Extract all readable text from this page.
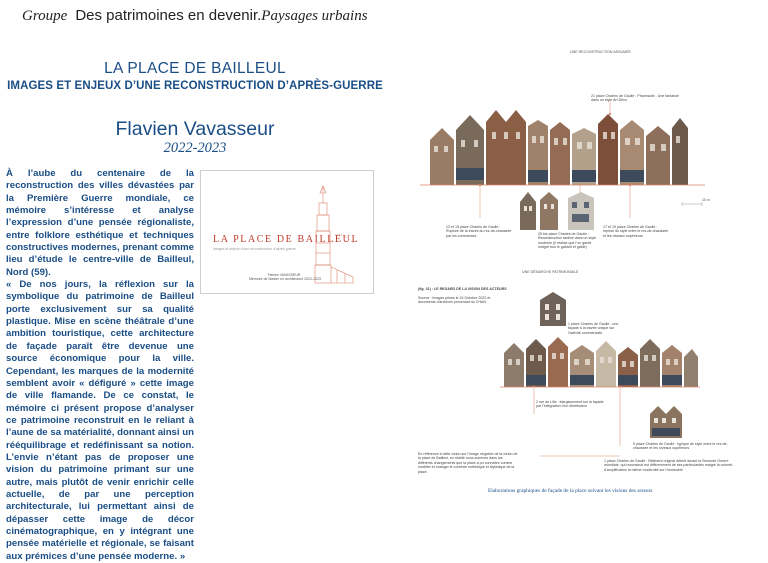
Groupe Des patrimoines en devenir.Paysages urbains
LA PLACE DE BAILLEUL
IMAGES ET ENJEUX D’UNE RECONSTRUCTION D’APRÈS-GUERRE
Flavien Vavasseur
2022-2023

À l’aube du centenaire de la reconstruction des villes dévastées par la Première Guerre mondiale, ce mémoire s’intéresse et analyse l’expression d’une pensée régionaliste, entre folklore esthétique et techniques constructives modernes, prenant comme lieu d’étude le centre-ville de Bailleul, Nord (59).

« De nos jours, la réflexion sur la symbolique du patrimoine de Bailleul porte exclusivement sur sa qualité plastique. Mise en scène théâtrale d’une ambition touristique, cette architecture de façade paraît être devenue une source économique pour la ville. Cependant, les marques de la modernité semblent avoir « défiguré » cette image de ville flamande. De ce constat, le mémoire ci présent propose d’analyser ce patrimoine reconstruit en le reliant à l’aune de sa matérialité, donnant ainsi un rééquilibrage et redéfinissant sa notion. L’envie n’étant pas de proposer une vision du patrimoine primant sur une autre, mais plutôt de venir enrichir celle actuelle, de par une perception architecturale, lui permettant ainsi de dépasser cette image de décor cinématographique, en y intégrant une pensée matérielle et régionale, se faisant aux prémices d’une pensée moderne. »

LA PLACE DE BAILLEUL
Images et enjeux d’une reconstruction d’après-guerre
Flavien VAVASSEUR
Mémoire de Master en architecture 2022-2023
UNE RECONSTRUCTION ASSUMÉE
21 place Charles de Gaulle : Pharmacie - Une fantaisie dans un style Art Déco
10 m
13 et 15 place Charles de Gaulle : Rupture de la travée au rez-de-chaussée par les commerces	25 bis place Charles de Gaulle : Reconstruction tardive dans un style moderne (il réalise que l’on garde malgré tout le gabarit et gable)
17 et 19 place Charles de Gaulle : reprise du style entre le rez-de-chaussée et les niveaux supérieurs
UNE DÉMARCHE PATRIMONIALE
(fig. 31) : LE REGARD DE LA VISION DES ACTEURS
Source : Images prises le 24 Octobre 2022 et documents d’archives provenant du CHAN
1 place Charles de Gaulle : une façade à la travée unique sur l’activité commerciale
2 rue de Lille : élargissement sur la façade par l’intégration d’un distributeur
5 place Charles de Gaulle : typique de style entre le rez-de-chaussée et les niveaux supérieurs
En référence à cette vision sur l’image négative de la vision de la place de Bailleul, en réalité nous sommes dans les différents changements que la place a pu connaître comme modifier et changer le contexte esthétique et stylistique de la place.
1 place Charles de Gaulle : Bâtiment original détruit durant la Seconde Guerre mondiale, qui reconstruit est différemment de ses particularités malgré la volonté, d’amplification la même modernité sur l’immeuble
Elaborations graphiques de façade de la place suivant les visions des acteurs
